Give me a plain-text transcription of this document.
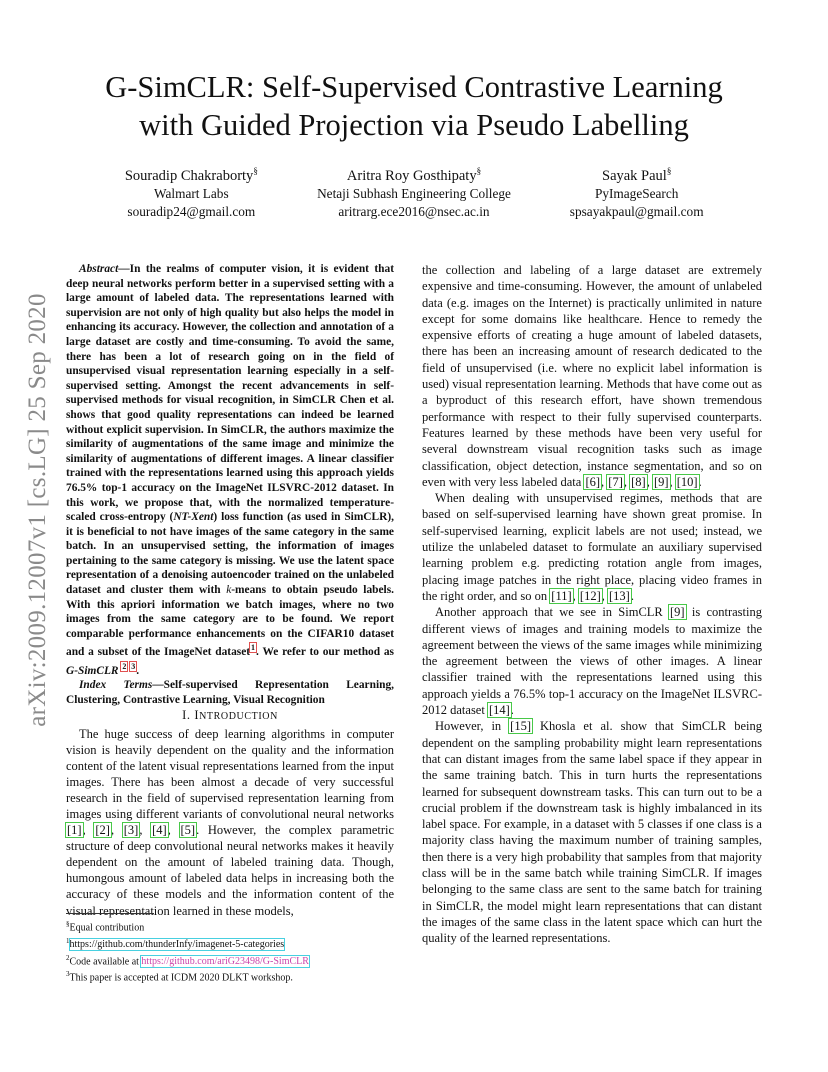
arXiv:2009.12007v1 [cs.LG] 25 Sep 2020
G-SimCLR: Self-Supervised Contrastive Learning
with Guided Projection via Pseudo Labelling
Souradip Chakraborty§
Walmart Labs
souradip24@gmail.com
Aritra Roy Gosthipaty§
Netaji Subhash Engineering College
aritrarg.ece2016@nsec.ac.in
Sayak Paul§
PyImageSearch
spsayakpaul@gmail.com

Abstract—In the realms of computer vision, it is evident that deep neural networks perform better in a supervised setting with a large amount of labeled data. The representations learned with supervision are not only of high quality but also helps the model in enhancing its accuracy. However, the collection and annotation of a large dataset are costly and time-consuming. To avoid the same, there has been a lot of research going on in the field of unsupervised visual representation learning especially in a self-supervised setting. Amongst the recent advancements in self-supervised methods for visual recognition, in SimCLR Chen et al. shows that good quality representations can indeed be learned without explicit supervision. In SimCLR, the authors maximize the similarity of augmentations of the same image and minimize the similarity of augmentations of different images. A linear classifier trained with the representations learned using this approach yields 76.5% top-1 accuracy on the ImageNet ILSVRC-2012 dataset. In this work, we propose that, with the normalized temperature-scaled cross-entropy (NT-Xent) loss function (as used in SimCLR), it is beneficial to not have images of the same category in the same batch. In an unsupervised setting, the information of images pertaining to the same category is missing. We use the latent space representation of a denoising autoencoder trained on the unlabeled dataset and cluster them with k-means to obtain pseudo labels. With this apriori information we batch images, where no two images from the same category are to be found. We report comparable performance enhancements on the CIFAR10 dataset and a subset of the ImageNet dataset$^1$. We refer to our method as G-SimCLR $^2$ $^3$.

Index Terms—Self-supervised Representation Learning, Clustering, Contrastive Learning, Visual Recognition

I. INTRODUCTION

The huge success of deep learning algorithms in computer vision is heavily dependent on the quality and the information content of the latent visual representations learned from the input images. There has been almost a decade of very successful research in the field of supervised representation learning from images using different variants of convolutional neural networks [1], [2], [3], [4], [5]. However, the complex parametric structure of deep convolutional neural networks makes it heavily dependent on the amount of labeled training data. Though, humongous amount of labeled data helps in increasing both the accuracy of these models and the information content of the visual representation learned in these models,

the collection and labeling of a large dataset are extremely expensive and time-consuming. However, the amount of unlabeled data (e.g. images on the Internet) is practically unlimited in nature except for some domains like healthcare. Hence to remedy the expensive efforts of creating a huge amount of labeled datasets, there has been an increasing amount of research dedicated to the field of unsupervised (i.e. where no explicit label information is used) visual representation learning. Methods that have come out as a byproduct of this research effort, have shown tremendous performance with respect to their fully supervised counterparts. Features learned by these methods have been very useful for several downstream visual recognition tasks such as image classification, object detection, instance segmentation, and so on even with very less labeled data [6], [7], [8], [9], [10].

When dealing with unsupervised regimes, methods that are based on self-supervised learning have shown great promise. In self-supervised learning, explicit labels are not used; instead, we utilize the unlabeled dataset to formulate an auxiliary supervised learning problem e.g. predicting rotation angle from images, placing image patches in the right place, placing video frames in the right order, and so on [11], [12], [13].

Another approach that we see in SimCLR [9] is contrasting different views of images and training models to maximize the agreement between the views of the same images while minimizing the agreement between the views of other images. A linear classifier trained with the representations learned using this approach yields a 76.5% top-1 accuracy on the ImageNet ILSVRC-2012 dataset [14].

However, in [15] Khosla et al. show that SimCLR being dependent on the sampling probability might learn representations that can distant images from the same label space if they appear in the same training batch. This in turn hurts the representations learned for subsequent downstream tasks. This can turn out to be a crucial problem if the downstream task is highly imbalanced in its label space. For example, in a dataset with 5 classes if one class is a majority class having the maximum number of training samples, then there is a very high probability that samples from that majority class will be in the same batch while training SimCLR. If images belonging to the same class are sent to the same batch for training in SimCLR, the model might learn representations that can distant the images of the same class in the latent space which can hurt the quality of the learned representations.

§Equal contribution
$^1$https://github.com/thunderInfy/imagenet-5-categories
$^2$Code available at https://github.com/ariG23498/G-SimCLR
$^3$This paper is accepted at ICDM 2020 DLKT workshop.
